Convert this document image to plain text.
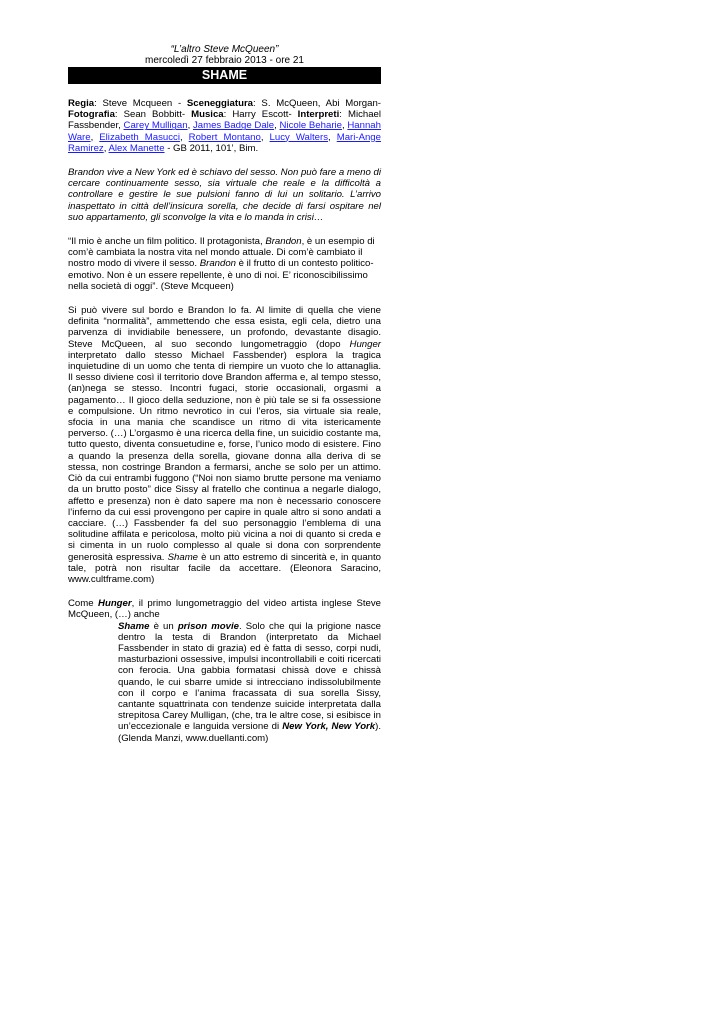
“L’altro Steve McQueen”
mercoledì 27 febbraio 2013 - ore 21
SHAME

Regia: Steve Mcqueen - Sceneggiatura: S. McQueen, Abi Morgan- Fotografia: Sean Bobbitt- Musica: Harry Escott- Interpreti: Michael Fassbender, Carey Mulligan, James Badge Dale, Nicole Beharie, Hannah Ware, Elizabeth Masucci, Robert Montano, Lucy Walters, Mari-Ange Ramirez, Alex Manette - GB 2011, 101’, Bim.

Brandon vive a New York ed è schiavo del sesso. Non può fare a meno di cercare continuamente sesso, sia virtuale che reale e la difficoltà a controllare e gestire le sue pulsioni fanno di lui un solitario. L’arrivo inaspettato in città dell’insicura sorella, che decide di farsi ospitare nel suo appartamento, gli sconvolge la vita e lo manda in crisi…

“Il mio è anche un film politico. Il protagonista, Brandon, è un esempio di com’è cambiata la nostra vita nel mondo attuale. Di com’è cambiato il nostro modo di vivere il sesso. Brandon è il frutto di un contesto politico-emotivo. Non è un essere repellente, è uno di noi. E’ riconoscibilissimo nella società di oggi”. (Steve Mcqueen)

Si può vivere sul bordo e Brandon lo fa. Al limite di quella che viene definita “normalità”, ammettendo che essa esista, egli cela, dietro una parvenza di invidiabile benessere, un profondo, devastante disagio. Steve McQueen, al suo secondo lungometraggio (dopo Hunger interpretato dallo stesso Michael Fassbender) esplora la tragica inquietudine di un uomo che tenta di riempire un vuoto che lo attanaglia. Il sesso diviene così il territorio dove Brandon afferma e, al tempo stesso, (an)nega se stesso. Incontri fugaci, storie occasionali, orgasmi a pagamento… Il gioco della seduzione, non è più tale se si fa ossessione e compulsione. Un ritmo nevrotico in cui l’eros, sia virtuale sia reale, sfocia in una mania che scandisce un ritmo di vita istericamente perverso. (…) L’orgasmo è una ricerca della fine, un suicidio costante ma, tutto questo, diventa consuetudine e, forse, l’unico modo di esistere. Fino a quando la presenza della sorella, giovane donna alla deriva di se stessa, non costringe Brandon a fermarsi, anche se solo per un attimo. Ciò da cui entrambi fuggono (“Noi non siamo brutte persone ma veniamo da un brutto posto” dice Sissy al fratello che continua a negarle dialogo, affetto e presenza) non è dato sapere ma non è necessario conoscere l’inferno da cui essi provengono per capire in quale altro si sono andati a cacciare. (…) Fassbender fa del suo personaggio l’emblema di una solitudine affilata e pericolosa, molto più vicina a noi di quanto si creda e si cimenta in un ruolo complesso al quale si dona con sorprendente generosità espressiva. Shame è un atto estremo di sincerità e, in quanto tale, potrà non risultar facile da accettare. (Eleonora Saracino, www.cultframe.com)

Come Hunger, il primo lungometraggio del video artista inglese Steve McQueen, (…) anche
Shame è un prison movie. Solo che qui la prigione nasce dentro la testa di Brandon (interpretato da Michael Fassbender in stato di grazia) ed è fatta di sesso, corpi nudi, masturbazioni ossessive, impulsi incontrollabili e coiti ricercati con ferocia. Una gabbia formatasi chissà dove e chissà quando, le cui sbarre umide si intrecciano indissolubilmente con il corpo e l’anima fracassata di sua sorella Sissy, cantante squattrinata con tendenze suicide interpretata dalla strepitosa Carey Mulligan, (che, tra le altre cose, si esibisce in un’eccezionale e languida versione di New York, New York). (Glenda Manzi, www.duellanti.com)
